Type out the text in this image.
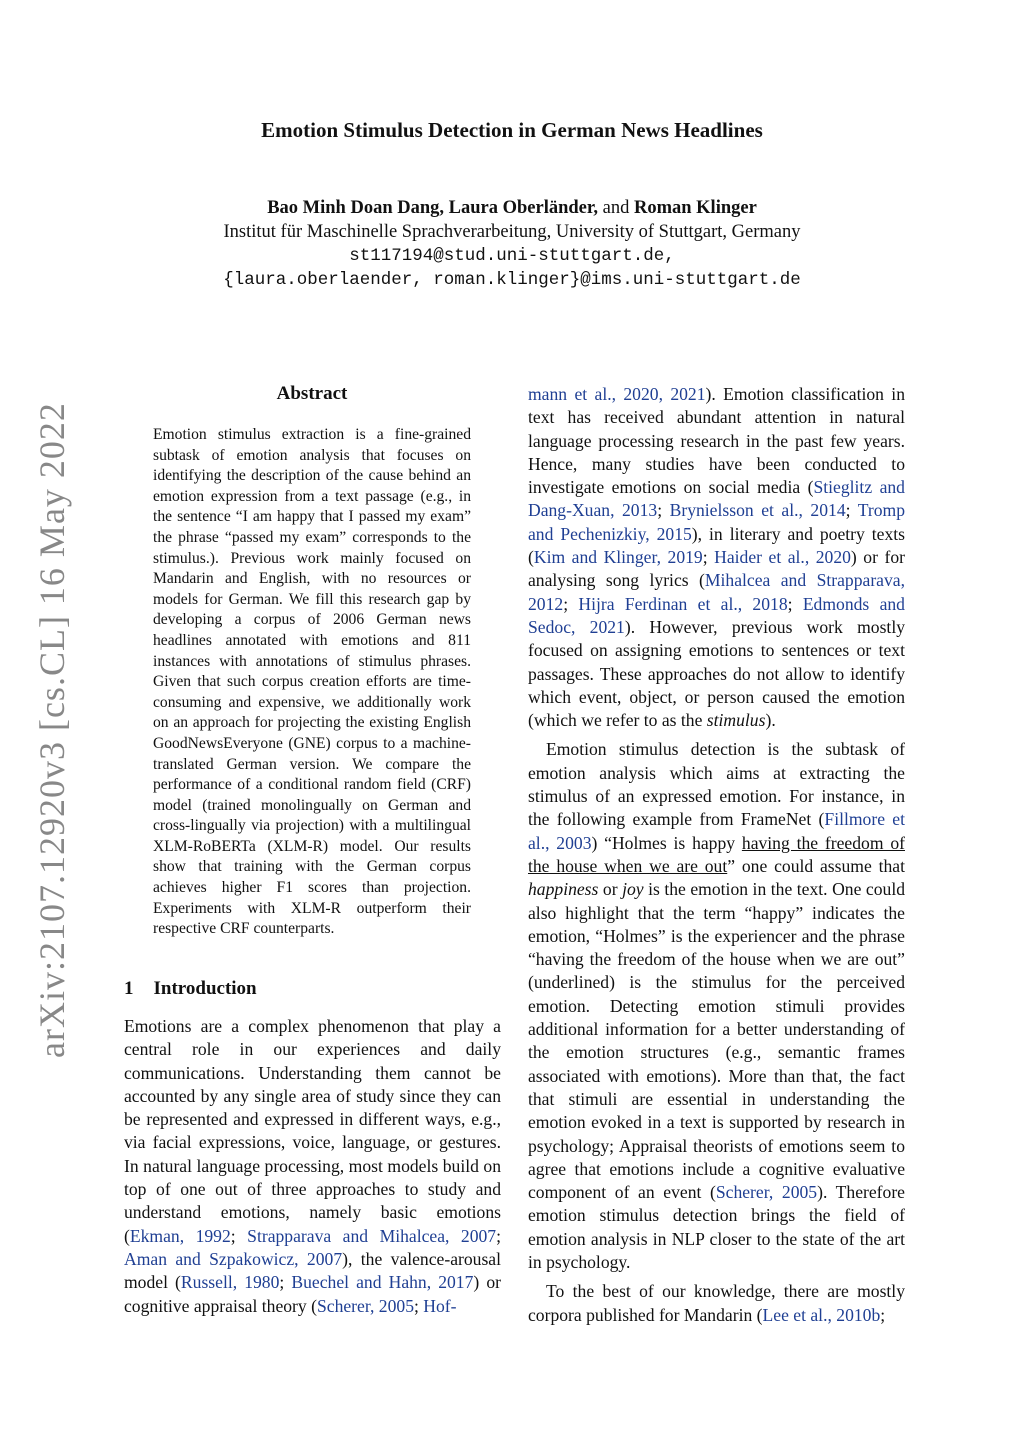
arXiv:2107.12920v3 [cs.CL] 16 May 2022
Emotion Stimulus Detection in German News Headlines
Bao Minh Doan Dang, Laura Oberländer, and Roman Klinger
Institut für Maschinelle Sprachverarbeitung, University of Stuttgart, Germany
st117194@stud.uni-stuttgart.de,
{laura.oberlaender, roman.klinger}@ims.uni-stuttgart.de
Abstract
Emotion stimulus extraction is a fine-grained subtask of emotion analysis that focuses on identifying the description of the cause behind an emotion expression from a text passage (e.g., in the sentence “I am happy that I passed my exam” the phrase “passed my exam” corresponds to the stimulus.). Previous work mainly focused on Mandarin and English, with no resources or models for German. We fill this research gap by developing a corpus of 2006 German news headlines annotated with emotions and 811 instances with annotations of stimulus phrases. Given that such corpus creation efforts are time-consuming and expensive, we additionally work on an approach for projecting the existing English GoodNewsEveryone (GNE) corpus to a machine-translated German version. We compare the performance of a conditional random field (CRF) model (trained monolingually on German and cross-lingually via projection) with a multilingual XLM-RoBERTa (XLM-R) model. Our results show that training with the German corpus achieves higher F1 scores than projection. Experiments with XLM-R outperform their respective CRF counterparts.
1 Introduction

Emotions are a complex phenomenon that play a central role in our experiences and daily communications. Understanding them cannot be accounted by any single area of study since they can be represented and expressed in different ways, e.g., via facial expressions, voice, language, or gestures. In natural language processing, most models build on top of one out of three approaches to study and understand emotions, namely basic emotions (Ekman, 1992; Strapparava and Mihalcea, 2007; Aman and Szpakowicz, 2007), the valence-arousal model (Russell, 1980; Buechel and Hahn, 2017) or cognitive appraisal theory (Scherer, 2005; Hof-

mann et al., 2020, 2021). Emotion classification in text has received abundant attention in natural language processing research in the past few years. Hence, many studies have been conducted to investigate emotions on social media (Stieglitz and Dang-Xuan, 2013; Brynielsson et al., 2014; Tromp and Pechenizkiy, 2015), in literary and poetry texts (Kim and Klinger, 2019; Haider et al., 2020) or for analysing song lyrics (Mihalcea and Strapparava, 2012; Hijra Ferdinan et al., 2018; Edmonds and Sedoc, 2021). However, previous work mostly focused on assigning emotions to sentences or text passages. These approaches do not allow to identify which event, object, or person caused the emotion (which we refer to as the stimulus).

Emotion stimulus detection is the subtask of emotion analysis which aims at extracting the stimulus of an expressed emotion. For instance, in the following example from FrameNet (Fillmore et al., 2003) “Holmes is happy having the freedom of the house when we are out” one could assume that happiness or joy is the emotion in the text. One could also highlight that the term “happy” indicates the emotion, “Holmes” is the experiencer and the phrase “having the freedom of the house when we are out” (underlined) is the stimulus for the perceived emotion. Detecting emotion stimuli provides additional information for a better understanding of the emotion structures (e.g., semantic frames associated with emotions). More than that, the fact that stimuli are essential in understanding the emotion evoked in a text is supported by research in psychology; Appraisal theorists of emotions seem to agree that emotions include a cognitive evaluative component of an event (Scherer, 2005). Therefore emotion stimulus detection brings the field of emotion analysis in NLP closer to the state of the art in psychology.

To the best of our knowledge, there are mostly corpora published for Mandarin (Lee et al., 2010b;
